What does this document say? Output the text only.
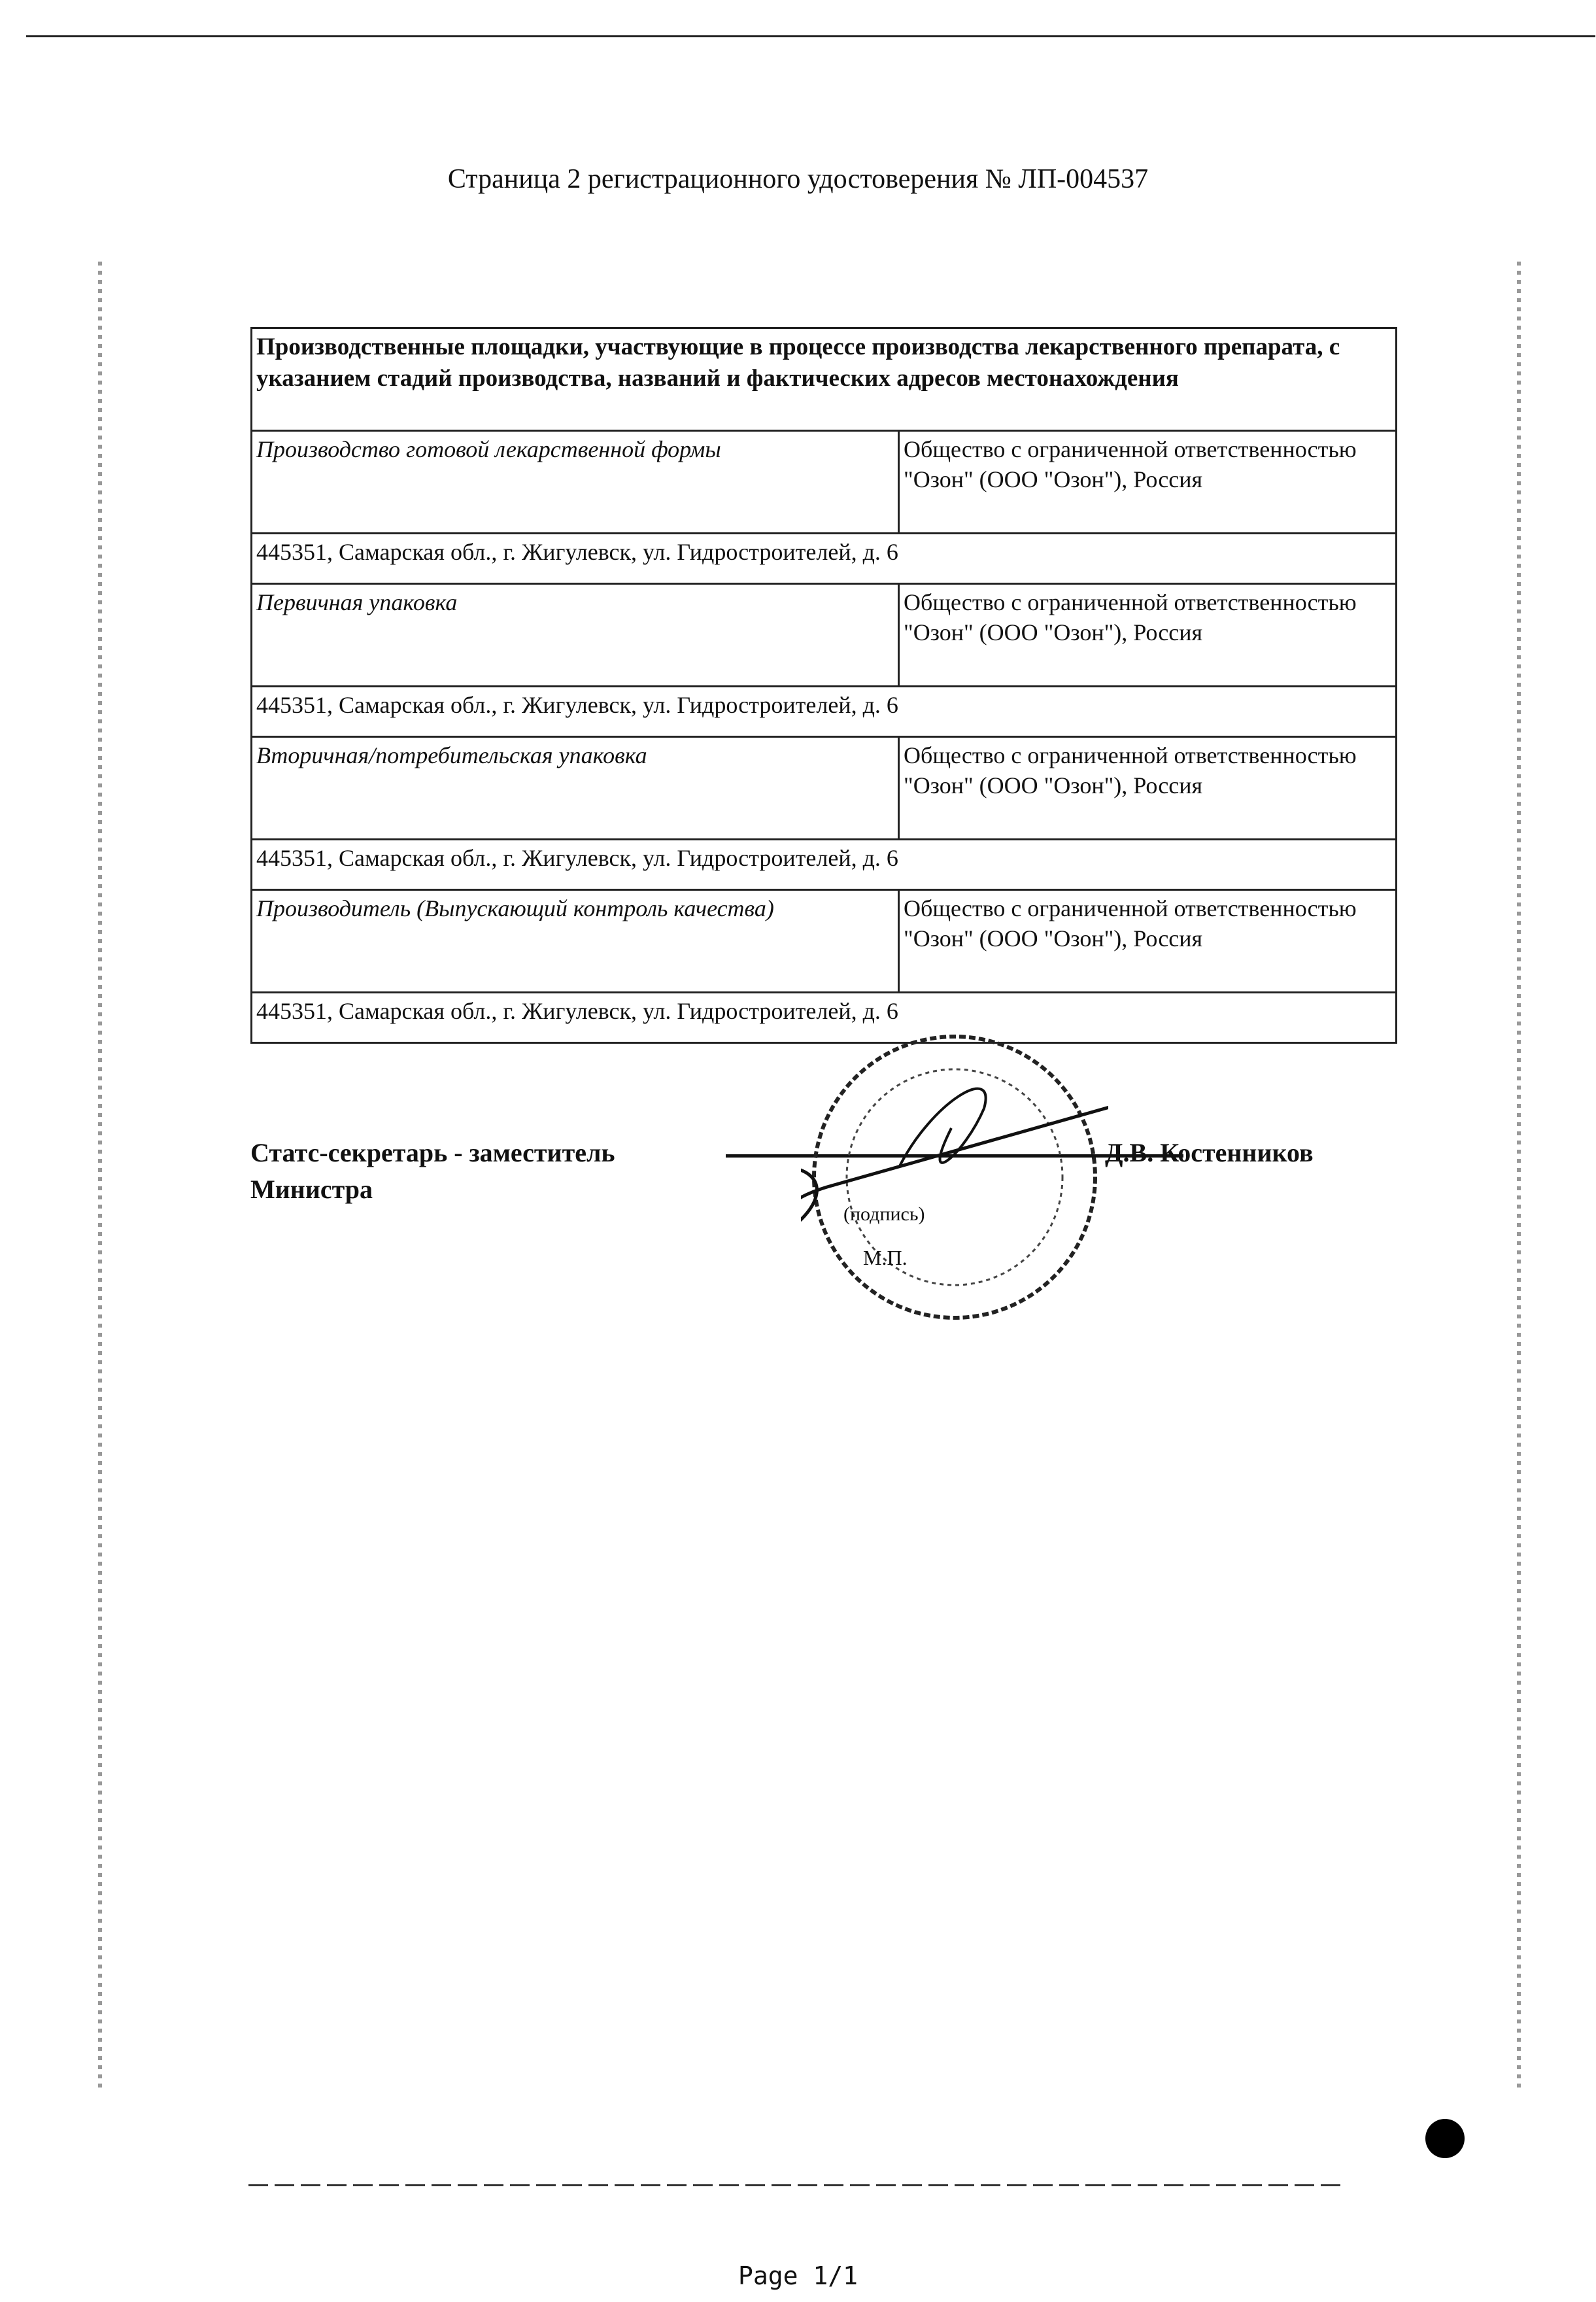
Страница 2 регистрационного удостоверения № ЛП-004537
Производственные площадки, участвующие в процессе производства лекарственного препарата, с указанием стадий производства, названий и фактических адресов местонахождения	
Производство готовой лекарственной формы	Общество с ограниченной ответственностью "Озон" (ООО "Озон"), Россия
445351, Самарская обл., г. Жигулевск, ул. Гидростроителей, д. 6	
Первичная упаковка	Общество с ограниченной ответственностью "Озон" (ООО "Озон"), Россия
445351, Самарская обл., г. Жигулевск, ул. Гидростроителей, д. 6	
Вторичная/потребительская упаковка	Общество с ограниченной ответственностью "Озон" (ООО "Озон"), Россия
445351, Самарская обл., г. Жигулевск, ул. Гидростроителей, д. 6	
Производитель (Выпускающий контроль качества)	Общество с ограниченной ответственностью "Озон" (ООО "Озон"), Россия
445351, Самарская обл., г. Жигулевск, ул. Гидростроителей, д. 6	
Статс-секретарь - заместитель Министра
(подпись)
М.П.
Д.В. Костенников
Page 1/1
